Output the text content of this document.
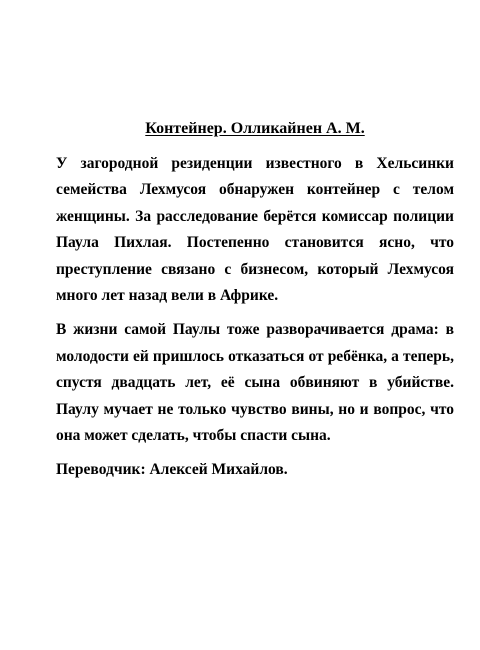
Контейнер. Олликайнен А. М.

У загородной резиденции известного в Хельсинки семейства Лехмусоя обнаружен контейнер с телом женщины. За расследование берётся комиссар полиции Паула Пихлая. Постепенно становится ясно, что преступление связано с бизнесом, который Лехмусоя много лет назад вели в Африке.

В жизни самой Паулы тоже разворачивается драма: в молодости ей пришлось отказаться от ребёнка, а теперь, спустя двадцать лет, её сына обвиняют в убийстве. Паулу мучает не только чувство вины, но и вопрос, что она может сделать, чтобы спасти сына.

Переводчик: Алексей Михайлов.
